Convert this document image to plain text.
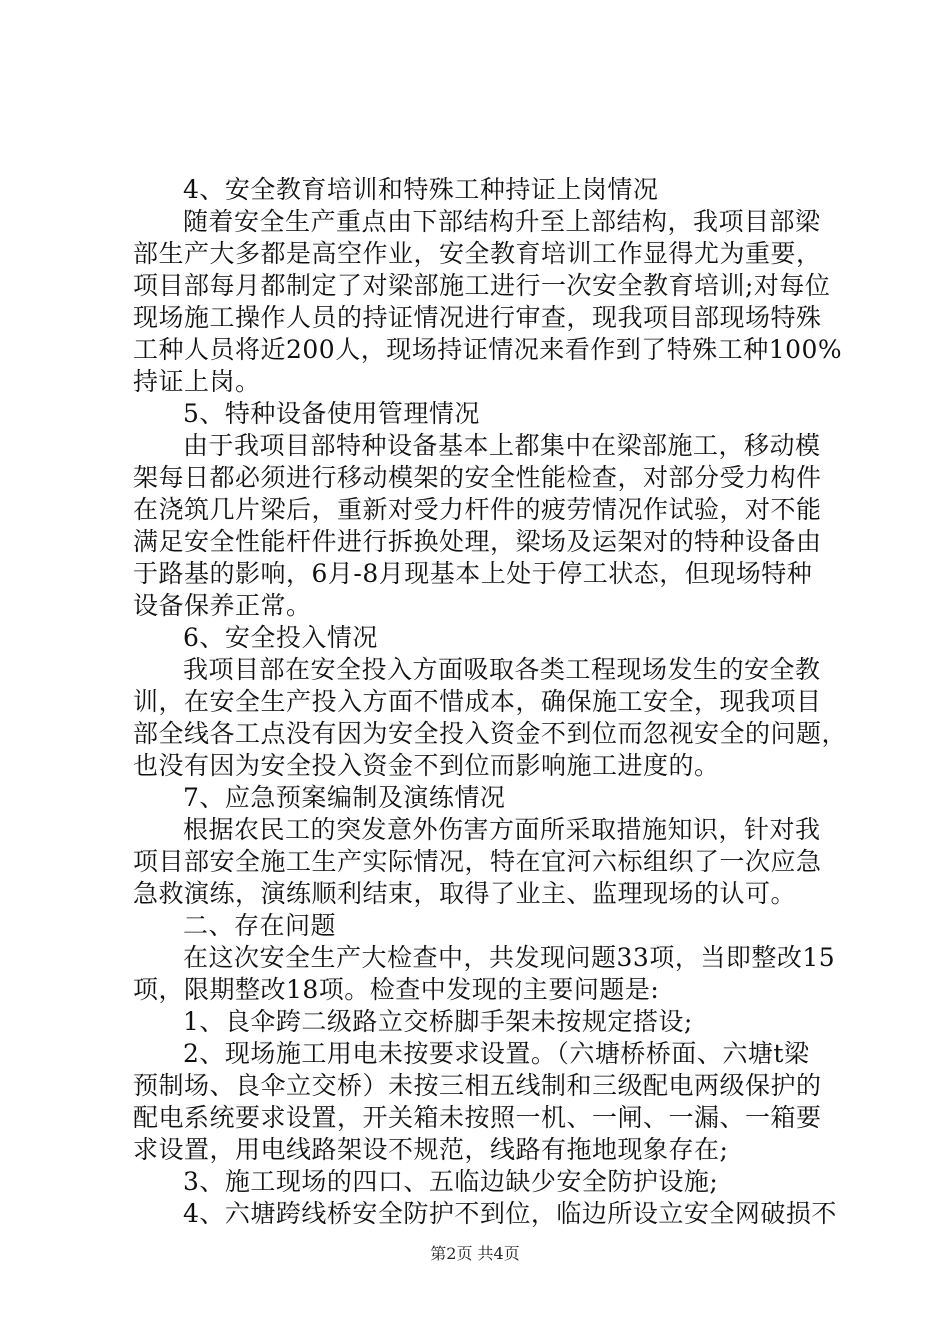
4、安全教育培训和特殊工种持证上岗情况
随着安全生产重点由下部结构升至上部结构，我项目部梁
部生产大多都是高空作业，安全教育培训工作显得尤为重要，
项目部每月都制定了对梁部施工进行一次安全教育培训;对每位
现场施工操作人员的持证情况进行审查，现我项目部现场特殊
工种人员将近200人，现场持证情况来看作到了特殊工种100%
持证上岗。
5、特种设备使用管理情况
由于我项目部特种设备基本上都集中在梁部施工，移动模
架每日都必须进行移动模架的安全性能检查，对部分受力构件
在浇筑几片梁后，重新对受力杆件的疲劳情况作试验，对不能
满足安全性能杆件进行拆换处理，梁场及运架对的特种设备由
于路基的影响，6月-8月现基本上处于停工状态，但现场特种
设备保养正常。
6、安全投入情况
我项目部在安全投入方面吸取各类工程现场发生的安全教
训，在安全生产投入方面不惜成本，确保施工安全，现我项目
部全线各工点没有因为安全投入资金不到位而忽视安全的问题，
也没有因为安全投入资金不到位而影响施工进度的。
7、应急预案编制及演练情况
根据农民工的突发意外伤害方面所采取措施知识，针对我
项目部安全施工生产实际情况，特在宜河六标组织了一次应急
急救演练，演练顺利结束，取得了业主、监理现场的认可。
二、存在问题
在这次安全生产大检查中，共发现问题33项，当即整改15
项，限期整改18项。检查中发现的主要问题是:
1、良伞跨二级路立交桥脚手架未按规定搭设;
2、现场施工用电未按要求设置。（六塘桥桥面、六塘t梁
预制场、良伞立交桥）未按三相五线制和三级配电两级保护的
配电系统要求设置，开关箱未按照一机、一闸、一漏、一箱要
求设置，用电线路架设不规范，线路有拖地现象存在;
3、施工现场的四口、五临边缺少安全防护设施;
4、六塘跨线桥安全防护不到位，临边所设立安全网破损不
第2页 共4页
